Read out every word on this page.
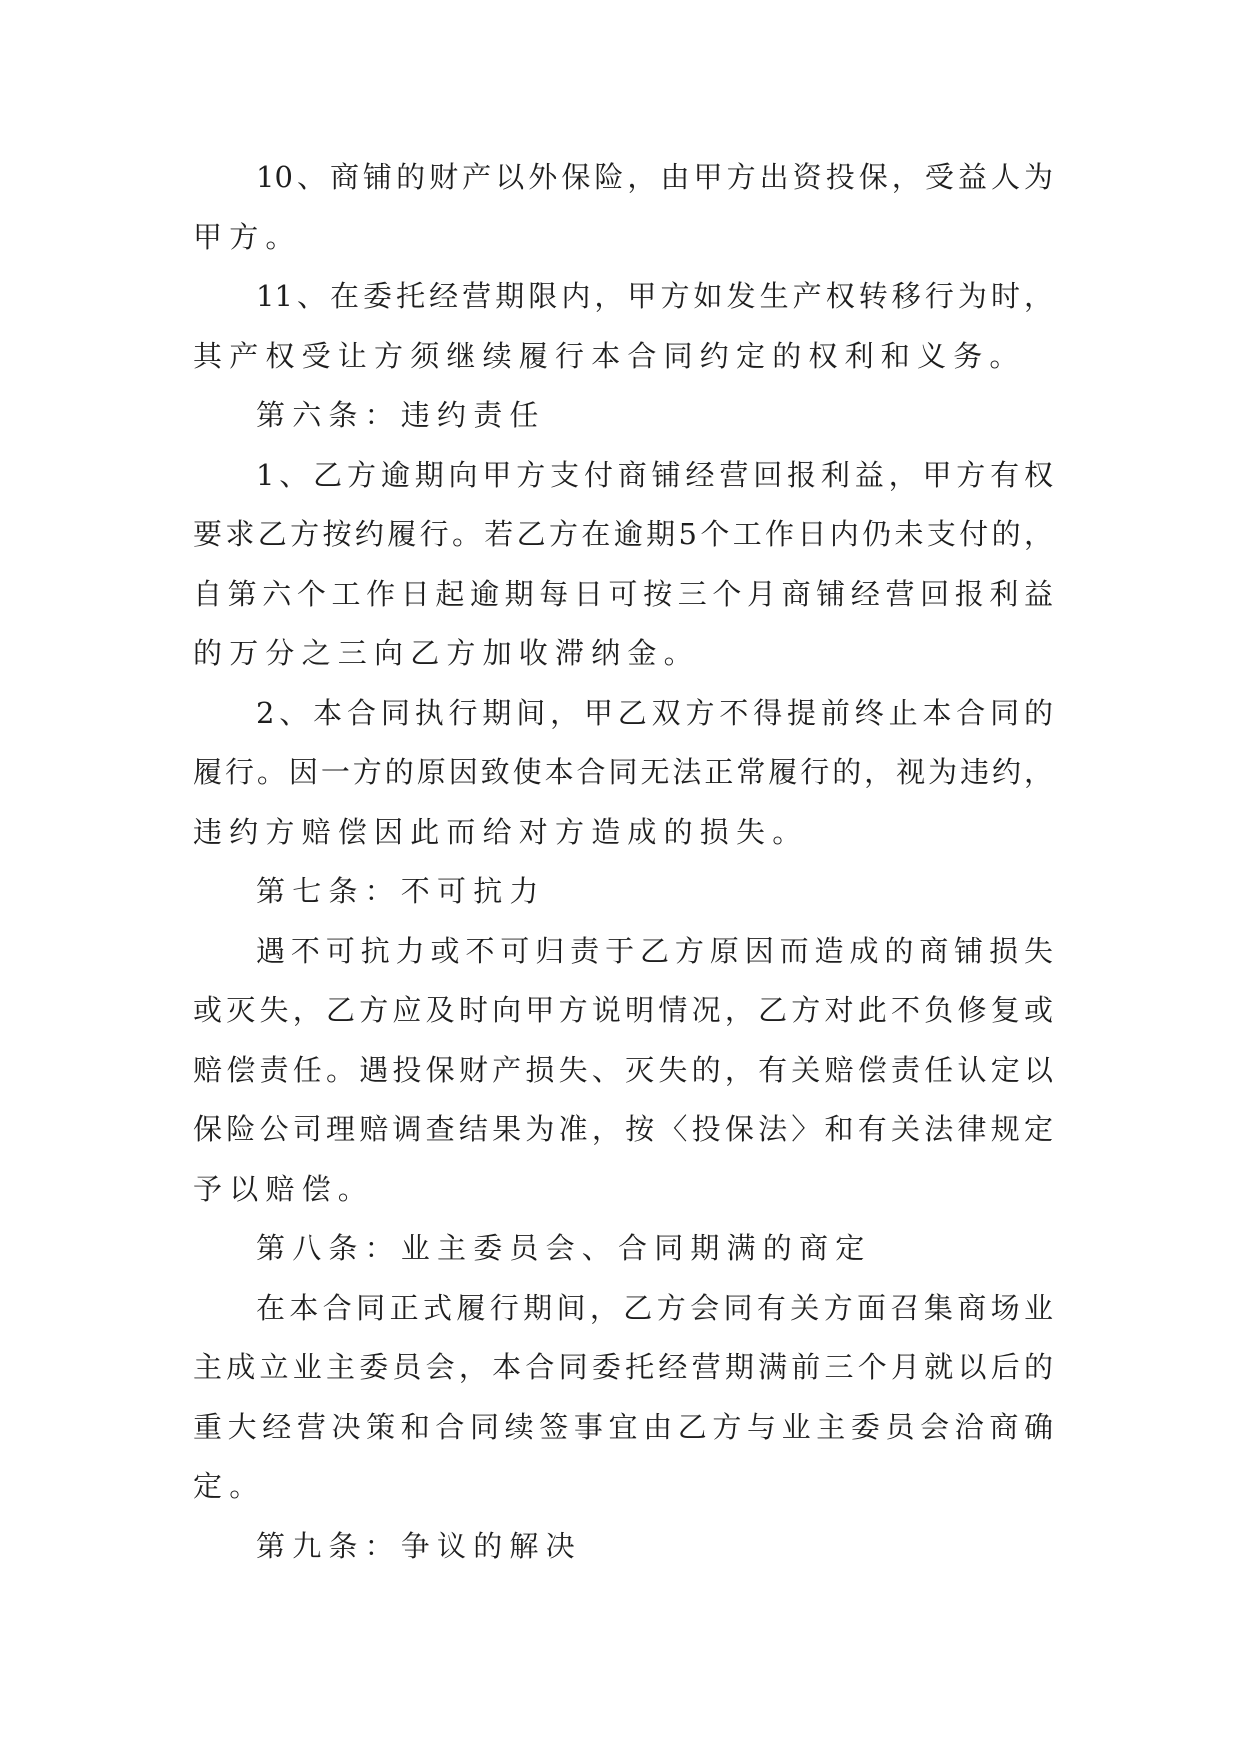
10、商铺的财产以外保险，由甲方出资投保，受益人为
甲方。
11、在委托经营期限内，甲方如发生产权转移行为时，
其产权受让方须继续履行本合同约定的权利和义务。
第六条：违约责任
1、乙方逾期向甲方支付商铺经营回报利益，甲方有权
要求乙方按约履行。若乙方在逾期5个工作日内仍未支付的，
自第六个工作日起逾期每日可按三个月商铺经营回报利益
的万分之三向乙方加收滞纳金。
2、本合同执行期间，甲乙双方不得提前终止本合同的
履行。因一方的原因致使本合同无法正常履行的，视为违约，
违约方赔偿因此而给对方造成的损失。
第七条：不可抗力
遇不可抗力或不可归责于乙方原因而造成的商铺损失
或灭失，乙方应及时向甲方说明情况，乙方对此不负修复或
赔偿责任。遇投保财产损失、灭失的，有关赔偿责任认定以
保险公司理赔调查结果为准，按〈投保法〉和有关法律规定
予以赔偿。
第八条：业主委员会、合同期满的商定
在本合同正式履行期间，乙方会同有关方面召集商场业
主成立业主委员会，本合同委托经营期满前三个月就以后的
重大经营决策和合同续签事宜由乙方与业主委员会洽商确
定。
第九条：争议的解决
